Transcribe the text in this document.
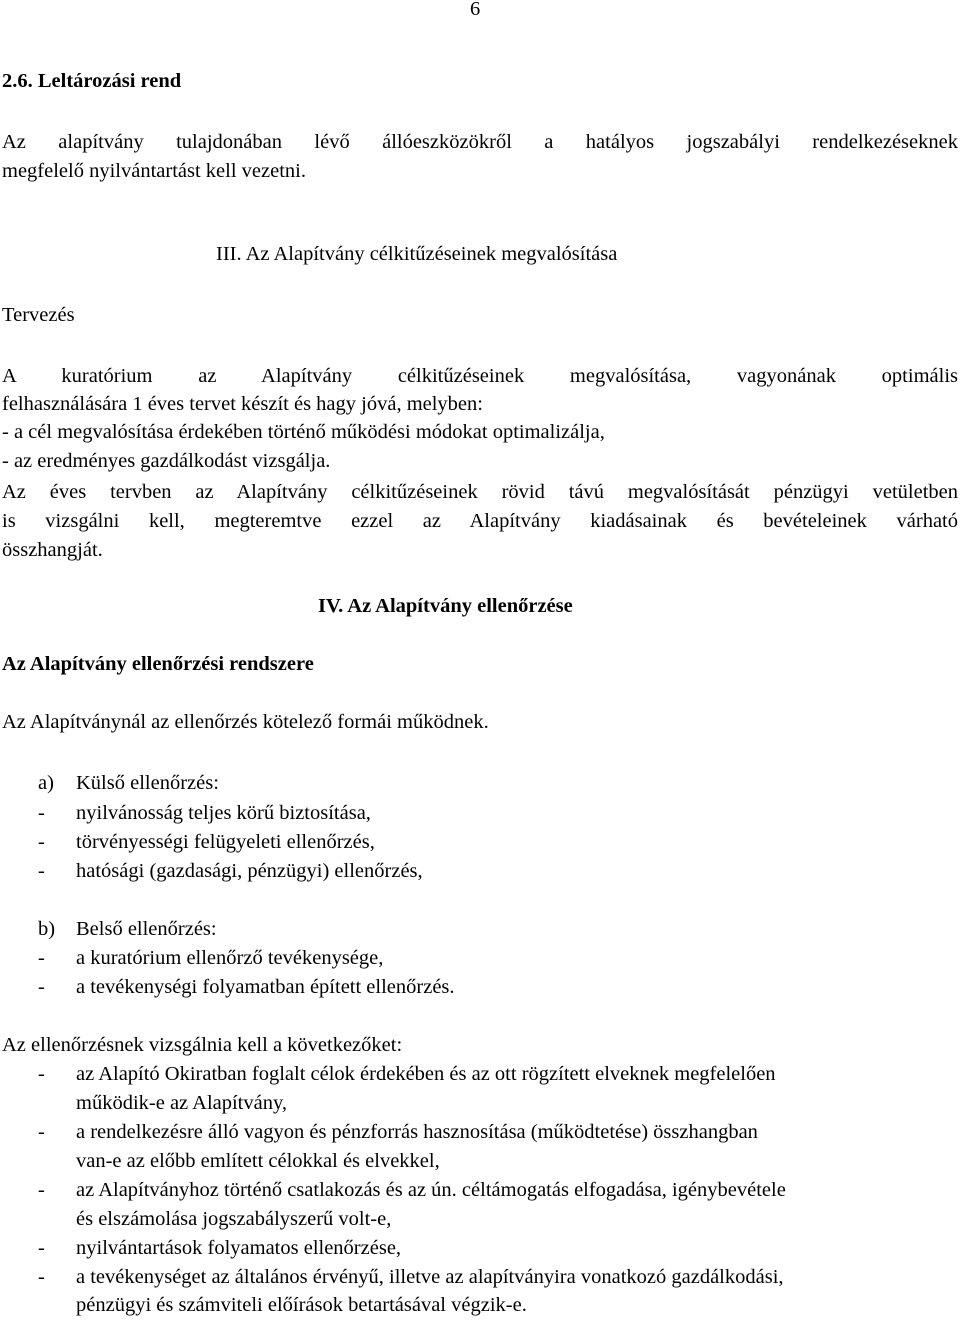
6
2.6. Leltározási rend
Az alapítvány tulajdonában lévő állóeszközökről a hatályos jogszabályi rendelkezéseknek
megfelelő nyilvántartást kell vezetni.
III. Az Alapítvány célkitűzéseinek megvalósítása
Tervezés
A kuratórium az Alapítvány célkitűzéseinek megvalósítása, vagyonának optimális
felhasználására 1 éves tervet készít és hagy jóvá, melyben:
- a cél megvalósítása érdekében történő működési módokat optimalizálja,
- az eredményes gazdálkodást vizsgálja.
Az éves tervben az Alapítvány célkitűzéseinek rövid távú megvalósítását pénzügyi vetületben
is vizsgálni kell, megteremtve ezzel az Alapítvány kiadásainak és bevételeinek várható
összhangját.
IV. Az Alapítvány ellenőrzése
Az Alapítvány ellenőrzési rendszere
Az Alapítványnál az ellenőrzés kötelező formái működnek.
a) Külső ellenőrzés:
- nyilvánosság teljes körű biztosítása,
- törvényességi felügyeleti ellenőrzés,
- hatósági (gazdasági, pénzügyi) ellenőrzés,
b) Belső ellenőrzés:
- a kuratórium ellenőrző tevékenysége,
- a tevékenységi folyamatban épített ellenőrzés.
Az ellenőrzésnek vizsgálnia kell a következőket:
- az Alapító Okiratban foglalt célok érdekében és az ott rögzített elveknek megfelelően
működik-e az Alapítvány,
- a rendelkezésre álló vagyon és pénzforrás hasznosítása (működtetése) összhangban
van-e az előbb említett célokkal és elvekkel,
- az Alapítványhoz történő csatlakozás és az ún. céltámogatás elfogadása, igénybevétele
és elszámolása jogszabályszerű volt-e,
- nyilvántartások folyamatos ellenőrzése,
- a tevékenységet az általános érvényű, illetve az alapítványira vonatkozó gazdálkodási,
pénzügyi és számviteli előírások betartásával végzik-e.
